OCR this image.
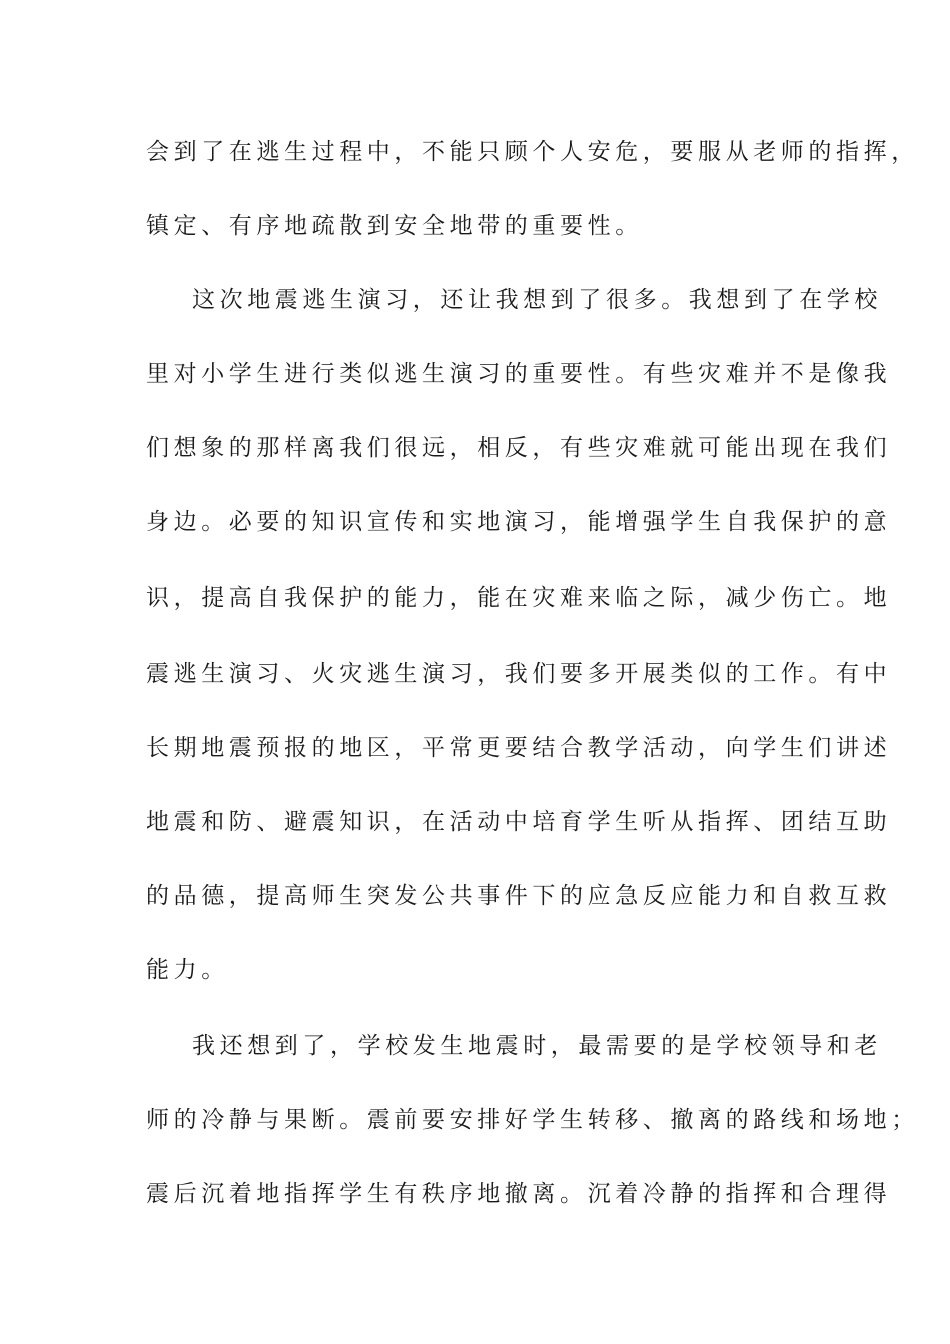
会到了在逃生过程中，不能只顾个人安危，要服从老师的指挥，
镇定、有序地疏散到安全地带的重要性。
这次地震逃生演习，还让我想到了很多。我想到了在学校
里对小学生进行类似逃生演习的重要性。有些灾难并不是像我
们想象的那样离我们很远，相反，有些灾难就可能出现在我们
身边。必要的知识宣传和实地演习，能增强学生自我保护的意
识，提高自我保护的能力，能在灾难来临之际，减少伤亡。地
震逃生演习、火灾逃生演习，我们要多开展类似的工作。有中
长期地震预报的地区，平常更要结合教学活动，向学生们讲述
地震和防、避震知识，在活动中培育学生听从指挥、团结互助
的品德，提高师生突发公共事件下的应急反应能力和自救互救
能力。
我还想到了，学校发生地震时，最需要的是学校领导和老
师的冷静与果断。震前要安排好学生转移、撤离的路线和场地；
震后沉着地指挥学生有秩序地撤离。沉着冷静的指挥和合理得
